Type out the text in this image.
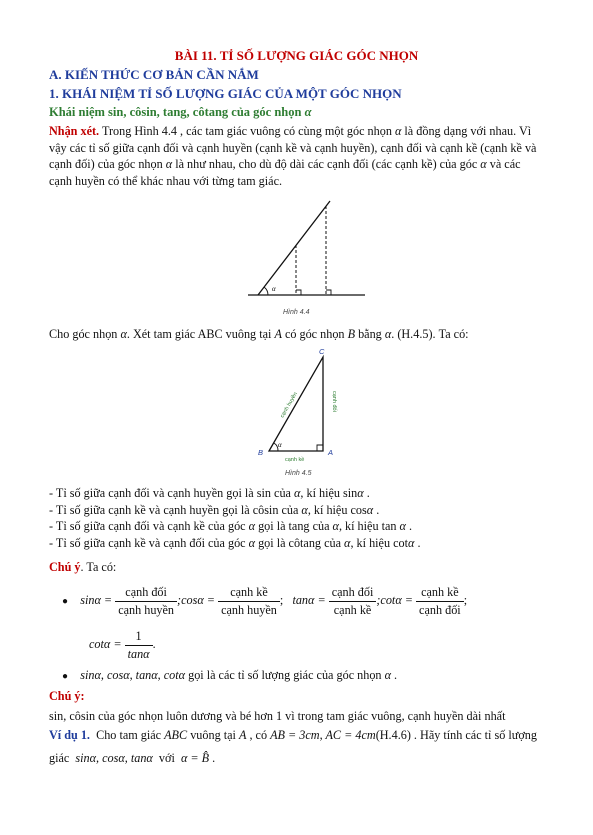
BÀI 11. TỈ SỐ LƯỢNG GIÁC GÓC NHỌN
A. KIẾN THỨC CƠ BẢN CẦN NẮM
1. KHÁI NIỆM TỈ SỐ LƯỢNG GIÁC CỦA MỘT GÓC NHỌN
Khái niệm sin, côsin, tang, côtang của góc nhọn α
Nhận xét. Trong Hình 4.4 , các tam giác vuông có cùng một góc nhọn α là đồng dạng với nhau. Vì
vậy các tỉ số giữa cạnh đối và cạnh huyền (cạnh kề và cạnh huyền), cạnh đối và cạnh kề (cạnh kề và
cạnh đối) của góc nhọn α là như nhau, cho dù độ dài các cạnh đối (các cạnh kề) của góc α và các
cạnh huyền có thể khác nhau với từng tam giác.
α
Hình 4.4
Cho góc nhọn α. Xét tam giác ABC vuông tại A có góc nhọn B bằng α. (H.4.5). Ta có:
α
B	A
C
cạnh huyền	cạnh đối
cạnh kề
Hình 4.5
- Tỉ số giữa cạnh đối và cạnh huyền gọi là sin của α, kí hiệu sinα .
- Tỉ số giữa cạnh kề và cạnh huyền gọi là côsin của α, kí hiệu cosα .
- Tỉ số giữa cạnh đối và cạnh kề của góc α gọi là tang của α, kí hiệu tan α .
- Tỉ số giữa cạnh kề và cạnh đối của góc α gọi là côtang của α, kí hiệu cotα .
Chú ý. Ta có:
● $\sin\alpha = \frac{\text{cạnh đối}}{\text{cạnh huyền}}$ ;cosα = $\frac{\text{cạnh kề}}{\text{cạnh huyền}}$ ; $\tan\alpha = \frac{\text{cạnh đối}}{\text{cạnh kề}}$ ;cotα = $\frac{\text{cạnh kề}}{\text{cạnh đối}}$ ;
$\cot\alpha = \frac{1}{\tan\alpha}$ .
● sinα, cosα, tanα, cotα gọi là các tỉ số lượng giác của góc nhọn α .
Chú ý:
sin, côsin của góc nhọn luôn dương và bé hơn 1 vì trong tam giác vuông, cạnh huyền dài nhất
Ví dụ 1. Cho tam giác ABC vuông tại A , có AB = 3cm, AC = 4cm(H.4.6) . Hãy tính các tỉ số lượng
giác sinα, cosα, tanα với α = B̂ .
